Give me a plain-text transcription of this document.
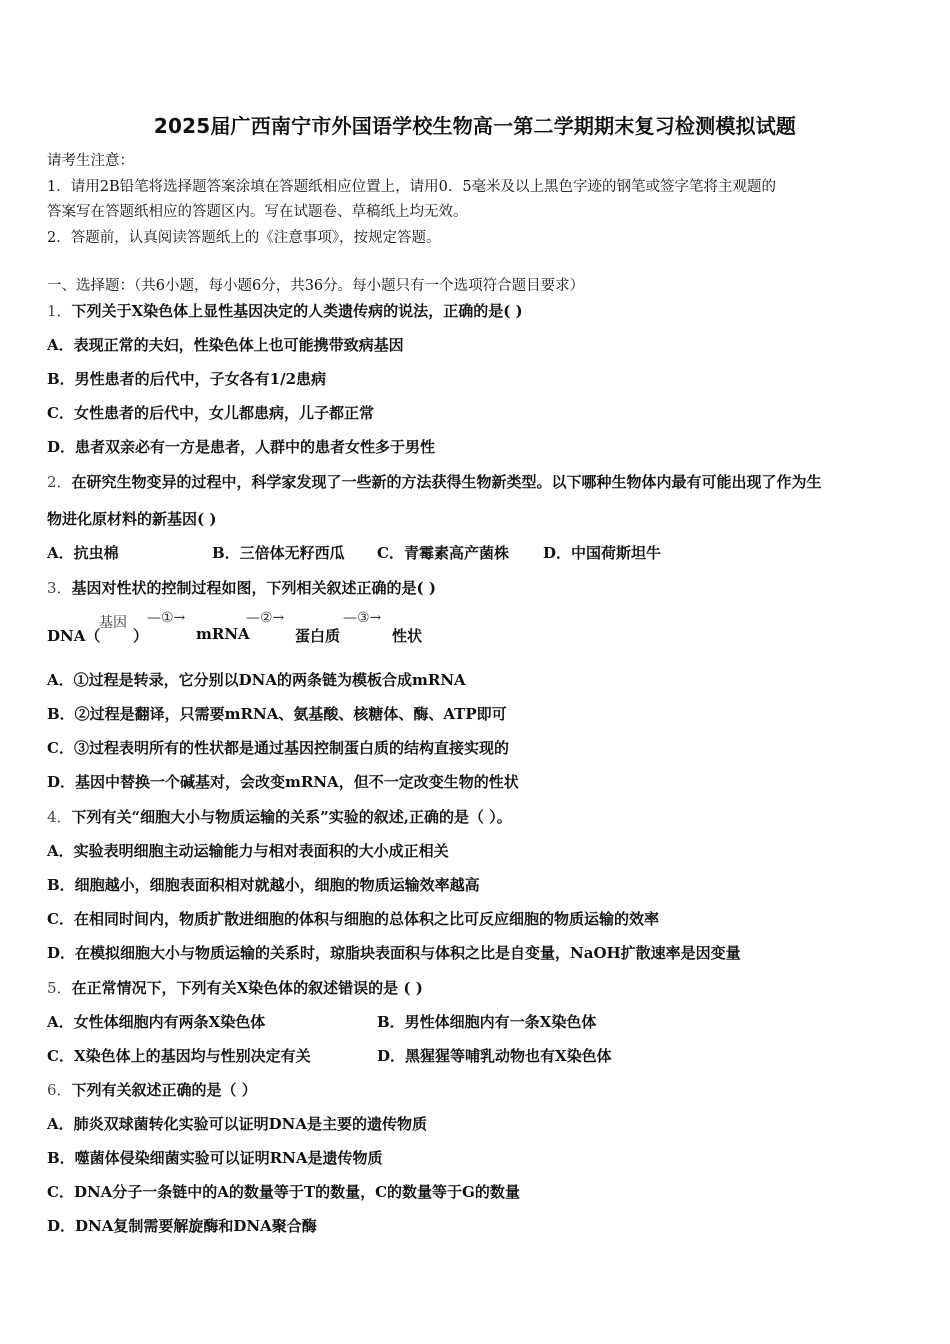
2025届广西南宁市外国语学校生物高一第二学期期末复习检测模拟试题
请考生注意：
1．请用2B铅笔将选择题答案涂填在答题纸相应位置上，请用0．5毫米及以上黑色字迹的钢笔或签字笔将主观题的
答案写在答题纸相应的答题区内。写在试题卷、草稿纸上均无效。
2．答题前，认真阅读答题纸上的《注意事项》，按规定答题。
一、选择题：（共6小题，每小题6分，共36分。每小题只有一个选项符合题目要求）
1．下列关于X染色体上显性基因决定的人类遗传病的说法，正确的是( )
A．表现正常的夫妇，性染色体上也可能携带致病基因
B．男性患者的后代中，子女各有1/2患病
C．女性患者的后代中，女儿都患病，儿子都正常
D．患者双亲必有一方是患者，人群中的患者女性多于男性
2．在研究生物变异的过程中，科学家发现了一些新的方法获得生物新类型。以下哪种生物体内最有可能出现了作为生
物进化原材料的新基因( )
A．抗虫棉	B．三倍体无籽西瓜 C．青霉素高产菌株 D．中国荷斯坦牛
3．基因对性状的控制过程如图，下列相关叙述正确的是( )
DNA（
基因
）
—①→
mRNA
—②→
蛋白质
—③→
性状
A．①过程是转录，它分别以DNA的两条链为模板合成mRNA
B．②过程是翻译，只需要mRNA、氨基酸、核糖体、酶、ATP即可
C．③过程表明所有的性状都是通过基因控制蛋白质的结构直接实现的
D．基因中替换一个碱基对，会改变mRNA，但不一定改变生物的性状
4．下列有关“细胞大小与物质运输的关系”实验的叙述,正确的是（ ）。
A．实验表明细胞主动运输能力与相对表面积的大小成正相关
B．细胞越小，细胞表面积相对就越小，细胞的物质运输效率越高
C．在相同时间内，物质扩散进细胞的体积与细胞的总体积之比可反应细胞的物质运输的效率
D．在模拟细胞大小与物质运输的关系时，琼脂块表面积与体积之比是自变量，NaOH扩散速率是因变量
5．在正常情况下，下列有关X染色体的叙述错误的是 ( )
A．女性体细胞内有两条X染色体	B．男性体细胞内有一条X染色体
C．X染色体上的基因均与性别决定有关	D．黑猩猩等哺乳动物也有X染色体
6．下列有关叙述正确的是（ ）
A．肺炎双球菌转化实验可以证明DNA是主要的遗传物质
B．噬菌体侵染细菌实验可以证明RNA是遗传物质
C．DNA分子一条链中的A的数量等于T的数量，C的数量等于G的数量
D．DNA复制需要解旋酶和DNA聚合酶
